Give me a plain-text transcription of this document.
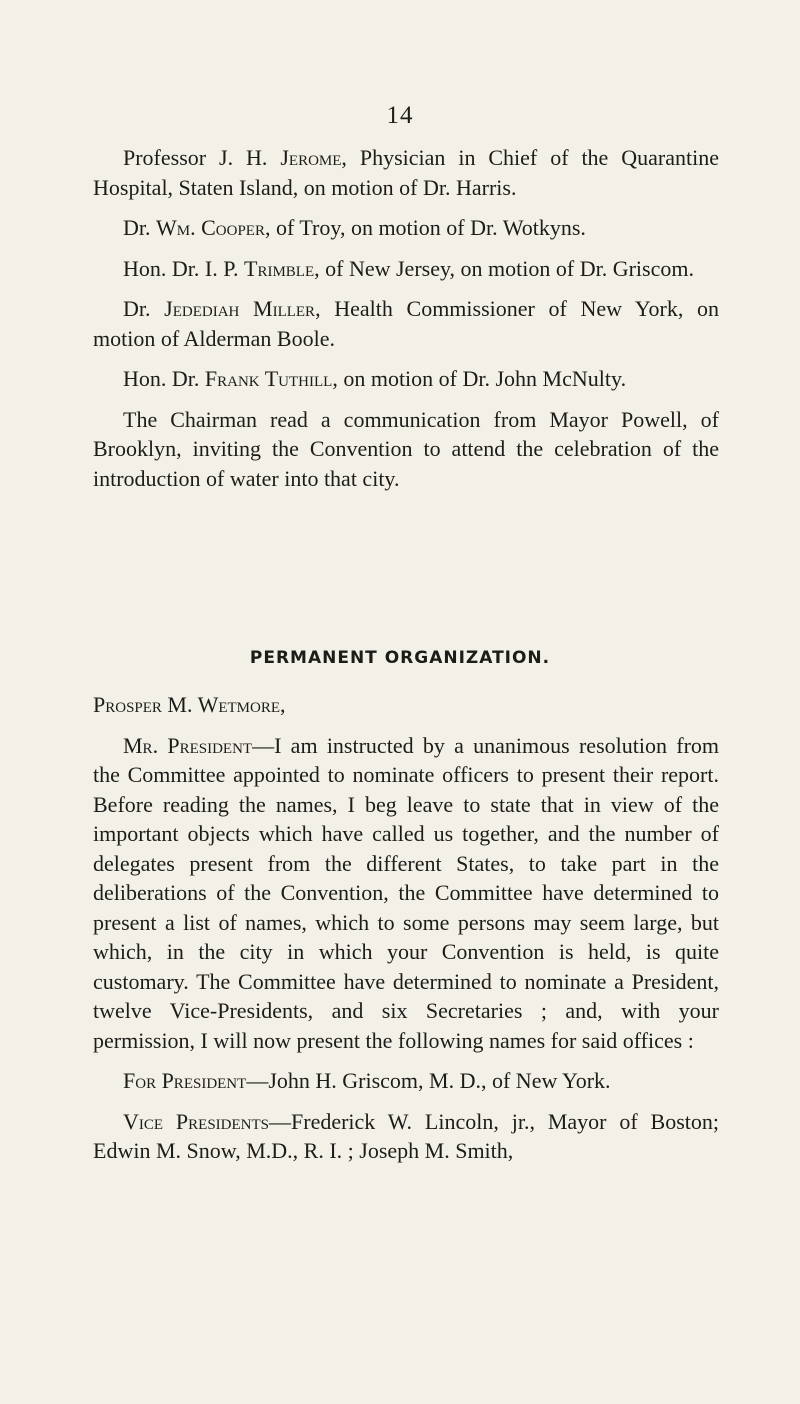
14

Professor J. H. Jerome, Physician in Chief of the Quarantine Hospital, Staten Island, on motion of Dr. Harris.

Dr. Wm. Cooper, of Troy, on motion of Dr. Wotkyns.

Hon. Dr. I. P. Trimble, of New Jersey, on motion of Dr. Griscom.

Dr. Jedediah Miller, Health Commissioner of New York, on motion of Alderman Boole.

Hon. Dr. Frank Tuthill, on motion of Dr. John McNulty.

The Chairman read a communication from Mayor Powell, of Brooklyn, inviting the Convention to attend the celebration of the introduction of water into that city.

PERMANENT ORGANIZATION.

Prosper M. Wetmore,

Mr. President—I am instructed by a unanimous resolution from the Committee appointed to nominate officers to present their report. Before reading the names, I beg leave to state that in view of the important objects which have called us together, and the number of delegates present from the different States, to take part in the deliberations of the Convention, the Committee have determined to present a list of names, which to some persons may seem large, but which, in the city in which your Convention is held, is quite customary. The Committee have determined to nominate a President, twelve Vice-Presidents, and six Secretaries ; and, with your permission, I will now present the following names for said offices :

For President—John H. Griscom, M. D., of New York.

Vice Presidents—Frederick W. Lincoln, jr., Mayor of Boston; Edwin M. Snow, M.D., R. I. ; Joseph M. Smith,
